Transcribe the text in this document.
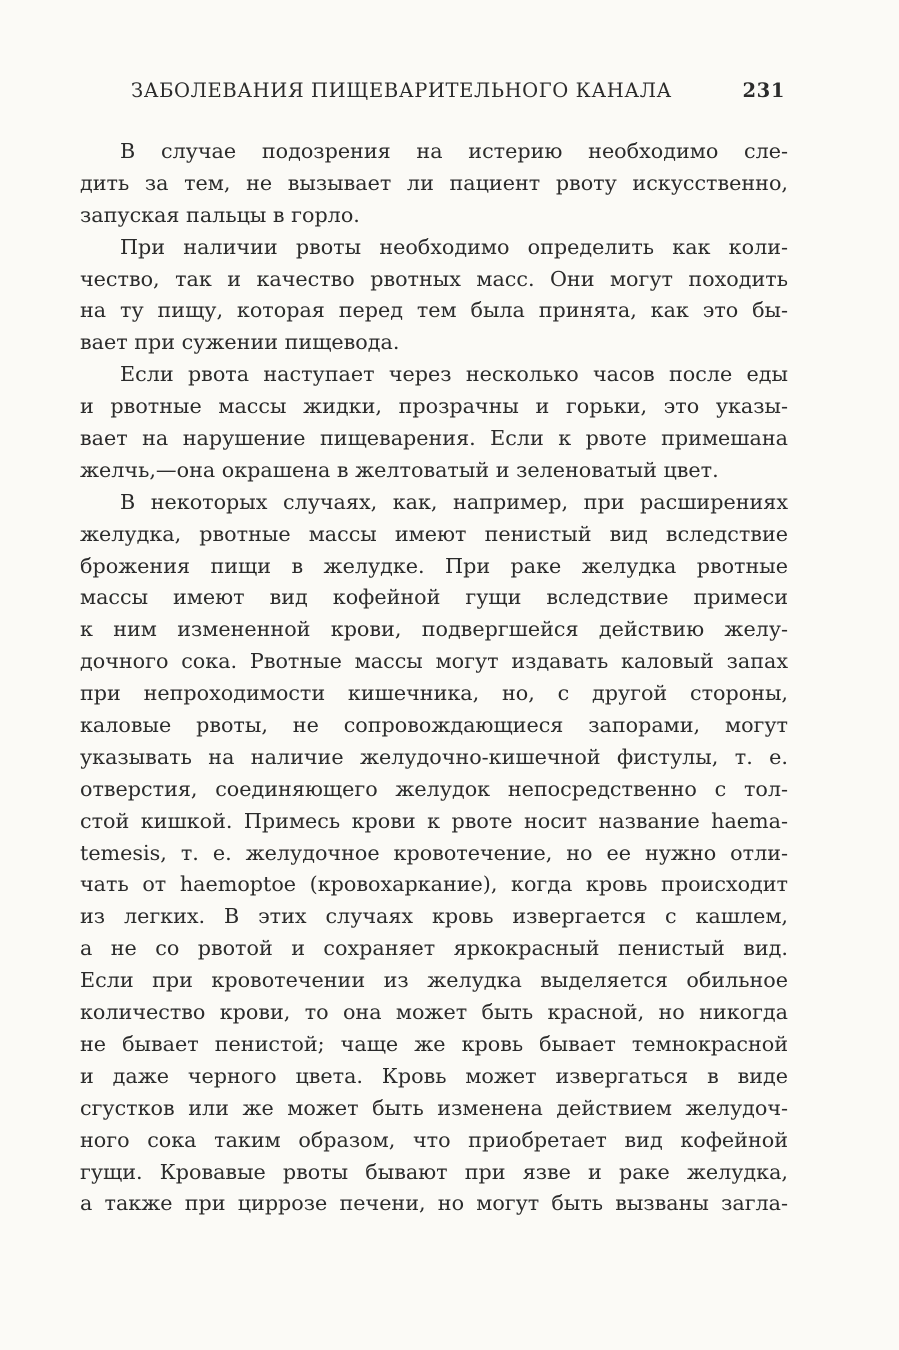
ЗАБОЛЕВАНИЯ ПИЩЕВАРИТЕЛЬНОГО КАНАЛА	231
В случае подозрения на истерию необходимо сле-
дить за тем, не вызывает ли пациент рвоту искусственно,
запуская пальцы в горло.
При наличии рвоты необходимо определить как коли-
чество, так и качество рвотных масс. Они могут походить
на ту пищу, которая перед тем была принята, как это бы-
вает при сужении пищевода.
Если рвота наступает через несколько часов после еды
и рвотные массы жидки, прозрачны и горьки, это указы-
вает на нарушение пищеварения. Если к рвоте примешана
желчь,—она окрашена в желтоватый и зеленоватый цвет.
В некоторых случаях, как, например, при расширениях
желудка, рвотные массы имеют пенистый вид вследствие
брожения пищи в желудке. При раке желудка рвотные
массы имеют вид кофейной гущи вследствие примеси
к ним измененной крови, подвергшейся действию желу-
дочного сока. Рвотные массы могут издавать каловый запах
при непроходимости кишечника, но, с другой стороны,
каловые рвоты, не сопровождающиеся запорами, могут
указывать на наличие желудочно-кишечной фистулы, т. е.
отверстия, соединяющего желудок непосредственно с тол-
стой кишкой. Примесь крови к рвоте носит название haema-
temesis, т. е. желудочное кровотечение, но ее нужно отли-
чать от haemoptoe (кровохаркание), когда кровь происходит
из легких. В этих случаях кровь извергается с кашлем,
а не со рвотой и сохраняет яркокрасный пенистый вид.
Если при кровотечении из желудка выделяется обильное
количество крови, то она может быть красной, но никогда
не бывает пенистой; чаще же кровь бывает темнокрасной
и даже черного цвета. Кровь может извергаться в виде
сгустков или же может быть изменена действием желудоч-
ного сока таким образом, что приобретает вид кофейной
гущи. Кровавые рвоты бывают при язве и раке желудка,
а также при циррозе печени, но могут быть вызваны загла-
